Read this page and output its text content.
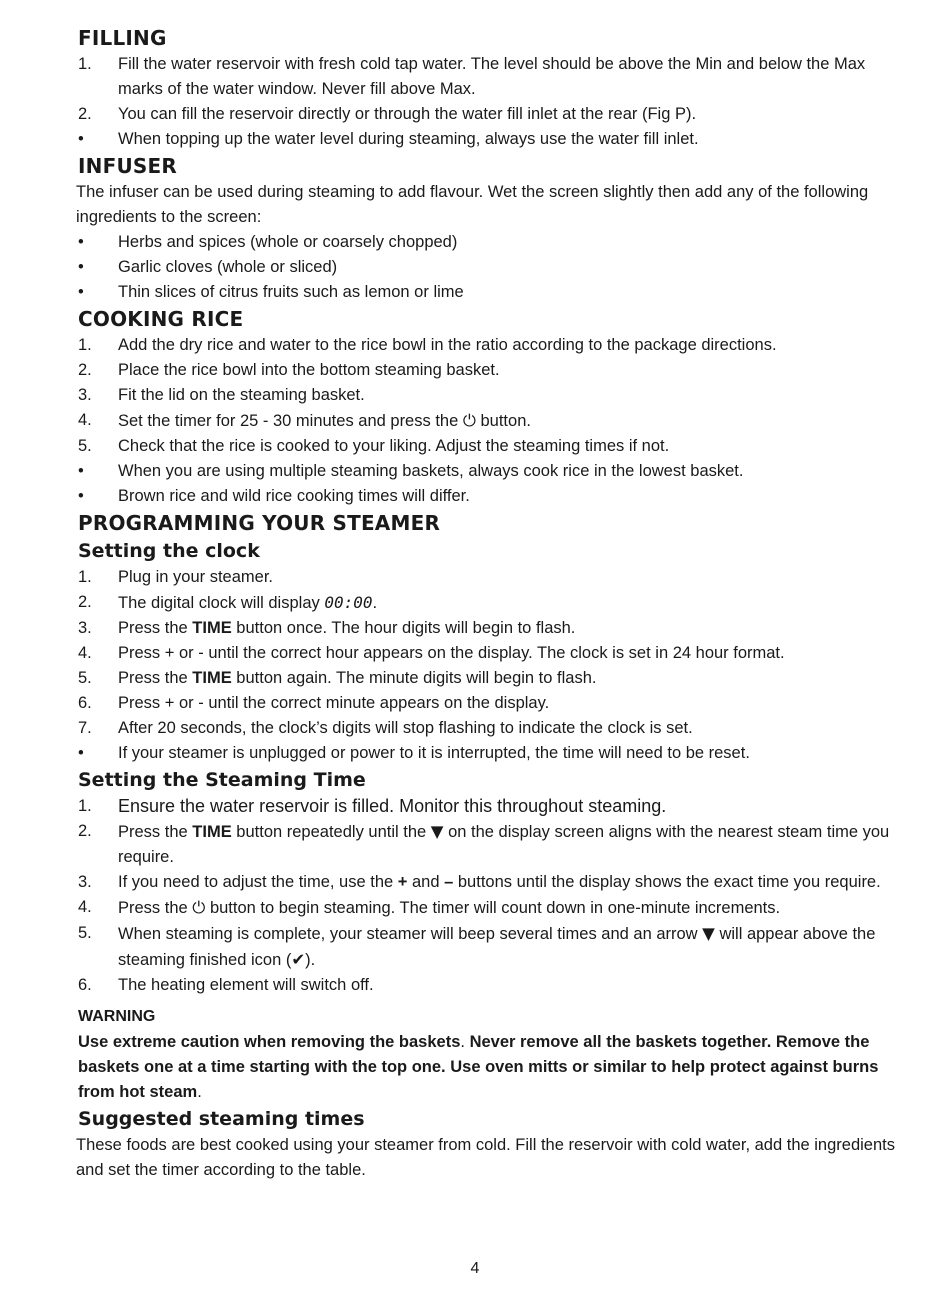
FILLING
1.	Fill the water reservoir with fresh cold tap water. The level should be above the Min and below the Max marks of the water window. Never fill above Max.
2.	You can fill the reservoir directly or through the water fill inlet at the rear (Fig P).
•	When topping up the water level during steaming, always use the water fill inlet.
INFUSER

The infuser can be used during steaming to add flavour. Wet the screen slightly then add any of the following ingredients to the screen:

•	Herbs and spices (whole or coarsely chopped)
•	Garlic cloves (whole or sliced)
•	Thin slices of citrus fruits such as lemon or lime
COOKING RICE
1.	Add the dry rice and water to the rice bowl in the ratio according to the package directions.
2.	Place the rice bowl into the bottom steaming basket.
3.	Fit the lid on the steaming basket.
4.	Set the timer for 25 - 30 minutes and press the ⏻ button.
5.	Check that the rice is cooked to your liking. Adjust the steaming times if not.
•	When you are using multiple steaming baskets, always cook rice in the lowest basket.
•	Brown rice and wild rice cooking times will differ.
PROGRAMMING YOUR STEAMER
Setting the clock
1.	Plug in your steamer.
2.	The digital clock will display 00:00.
3.	Press the TIME button once. The hour digits will begin to flash.
4.	Press + or - until the correct hour appears on the display. The clock is set in 24 hour format.
5.	Press the TIME button again. The minute digits will begin to flash.
6.	Press + or - until the correct minute appears on the display.
7.	After 20 seconds, the clock’s digits will stop flashing to indicate the clock is set.
•	If your steamer is unplugged or power to it is interrupted, the time will need to be reset.
Setting the Steaming Time
1.	Ensure the water reservoir is filled. Monitor this throughout steaming.
2.	Press the TIME button repeatedly until the ▼ on the display screen aligns with the nearest steam time you require.
3.	If you need to adjust the time, use the + and – buttons until the display shows the exact time you require.
4.	Press the ⏻ button to begin steaming. The timer will count down in one-minute increments.
5.	When steaming is complete, your steamer will beep several times and an arrow ▼ will appear above the steaming finished icon (✔).
6.	The heating element will switch off.

WARNING

Use extreme caution when removing the baskets. Never remove all the baskets together. Remove the baskets one at a time starting with the top one. Use oven mitts or similar to help protect against burns from hot steam.

Suggested steaming times

These foods are best cooked using your steamer from cold. Fill the reservoir with cold water, add the ingredients and set the timer according to the table.

4
